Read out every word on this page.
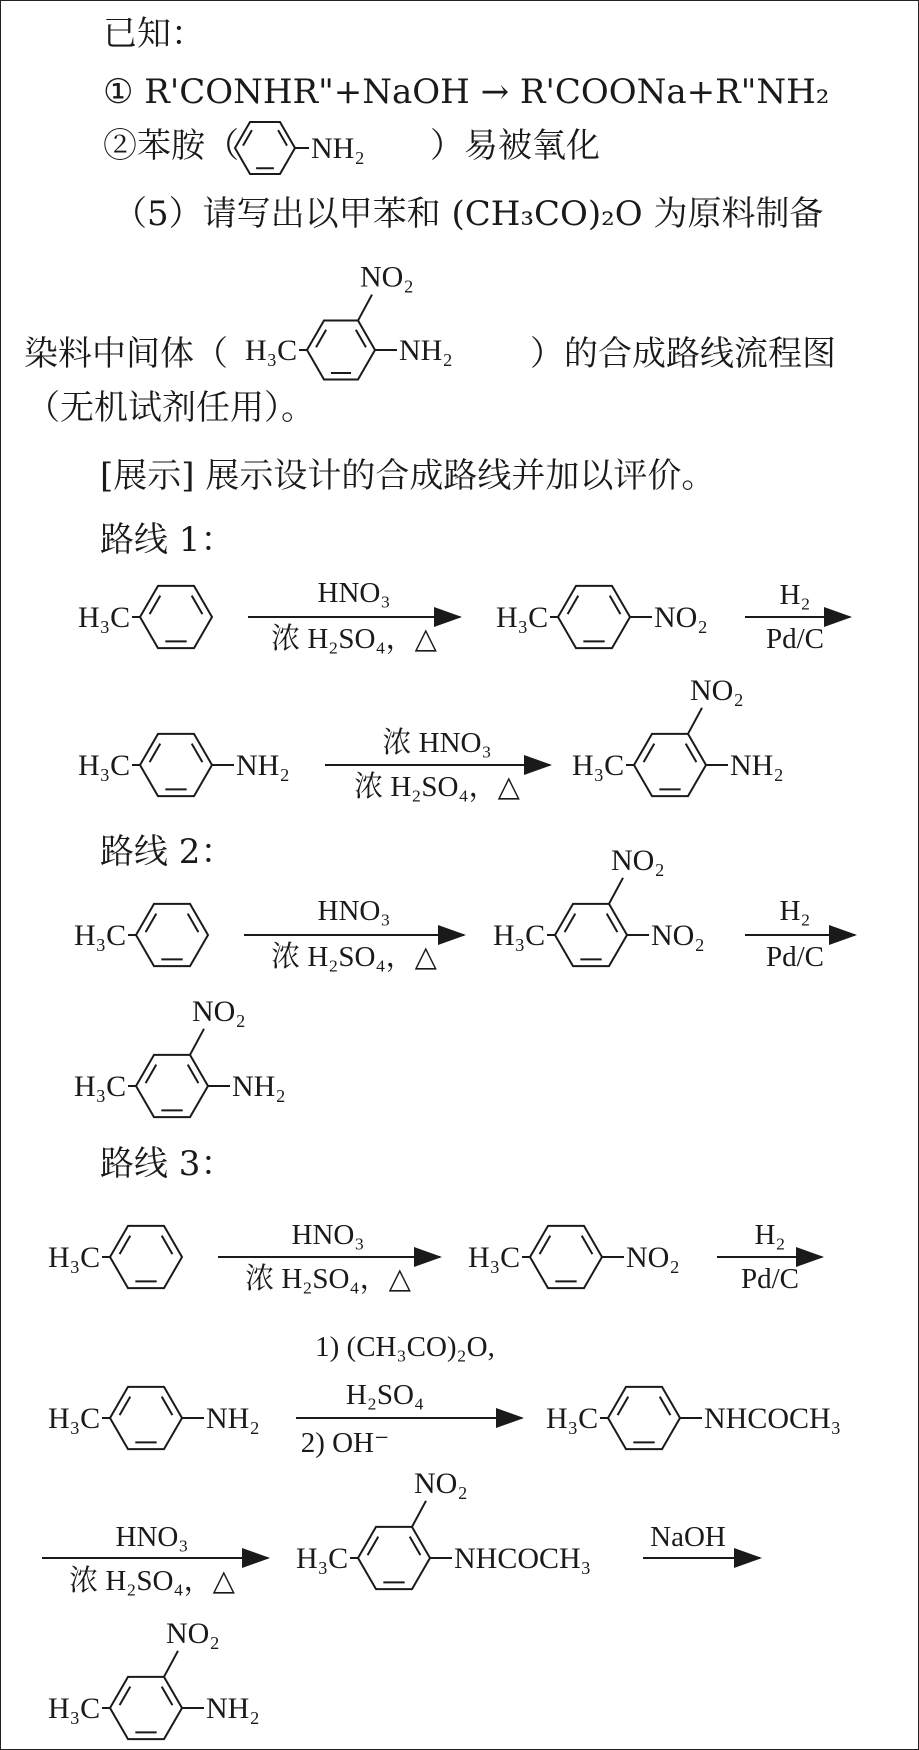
已知：
① R'CONHR"+NaOH → R'COONa+R"NH₂
②苯胺（	）易被氧化
（5）请写出以甲苯和 (CH₃CO)₂O 为原料制备
染料中间体（	）的合成路线流程图
（无机试剂任用）。
[展示] 展示设计的合成路线并加以评价。
路线 1：
路线 2：
路线 3：
NH₂
H₃C	NH₂
NO₂
H₃C
HNO₃
浓 H₂SO₄，△
H₃C	NO₂
H₂
Pd/C
H₃C	NH₂
浓 HNO₃
浓 H₂SO₄，△
H₃C	NH₂
NO₂
H₃C
HNO₃
浓 H₂SO₄，△
H₃C	NO₂
NO₂
H₂
Pd/C
H₃C	NH₂
NO₂
H₃C
HNO₃
浓 H₂SO₄，△
H₃C	NO₂
H₂
Pd/C
H₃C	NH₂
1) (CH₃CO)₂O,
H₂SO₄
2) OH⁻
H₃C	NHCOCH₃
HNO₃
浓 H₂SO₄，△
H₃C	NHCOCH₃
NO₂
NaOH
H₃C	NH₂
NO₂
